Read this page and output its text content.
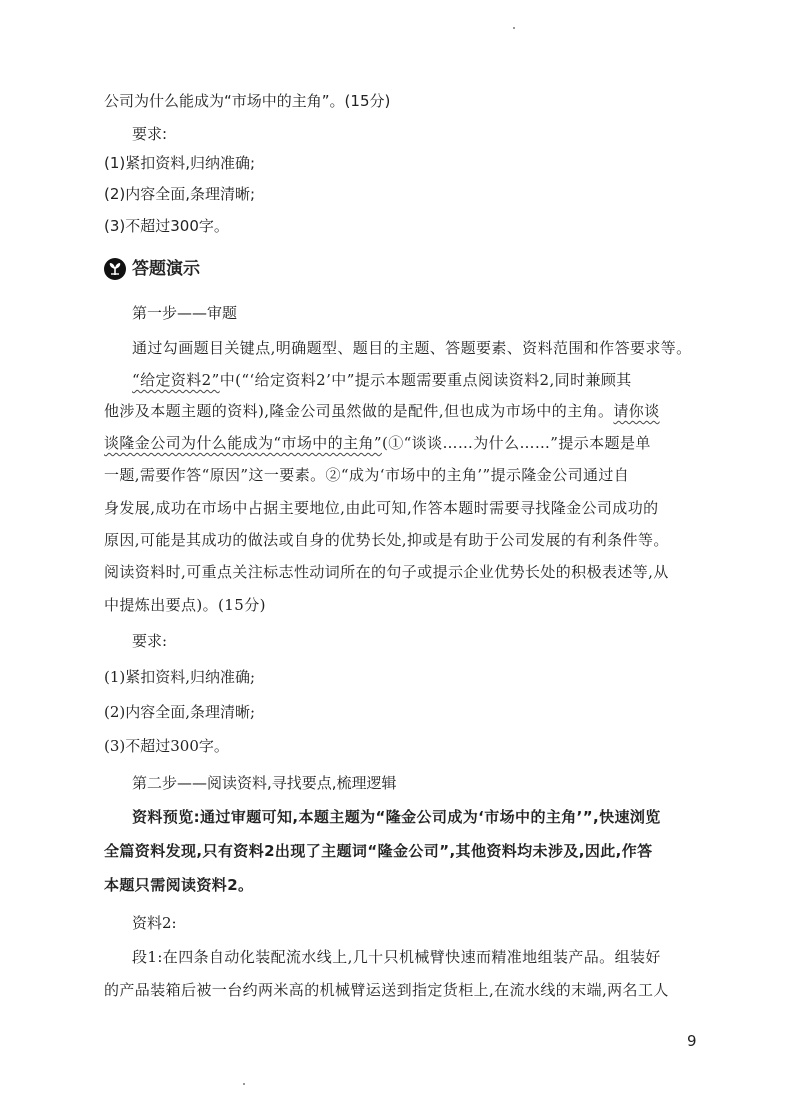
公司为什么能成为“市场中的主角”。(15分)
要求:
(1)紧扣资料,归纳准确;
(2)内容全面,条理清晰;
(3)不超过300字。
答题演示
第一步——审题
通过勾画题目关键点,明确题型、题目的主题、答题要素、资料范围和作答要求等。
“给定资料2”中(“‘给定资料2’中”提示本题需要重点阅读资料2,同时兼顾其
他涉及本题主题的资料),隆金公司虽然做的是配件,但也成为市场中的主角。请你谈
谈隆金公司为什么能成为“市场中的主角”(①“谈谈……为什么……”提示本题是单
一题,需要作答“原因”这一要素。②“成为‘市场中的主角’”提示隆金公司通过自
身发展,成功在市场中占据主要地位,由此可知,作答本题时需要寻找隆金公司成功的
原因,可能是其成功的做法或自身的优势长处,抑或是有助于公司发展的有利条件等。
阅读资料时,可重点关注标志性动词所在的句子或提示企业优势长处的积极表述等,从
中提炼出要点)。(15分)
要求:
(1)紧扣资料,归纳准确;
(2)内容全面,条理清晰;
(3)不超过300字。
第二步——阅读资料,寻找要点,梳理逻辑
资料预览:通过审题可知,本题主题为“隆金公司成为‘市场中的主角’”,快速浏览
全篇资料发现,只有资料2出现了主题词“隆金公司”,其他资料均未涉及,因此,作答
本题只需阅读资料2。
资料2:
段1:在四条自动化装配流水线上,几十只机械臂快速而精准地组装产品。组装好
的产品装箱后被一台约两米高的机械臂运送到指定货柜上,在流水线的末端,两名工人
9
